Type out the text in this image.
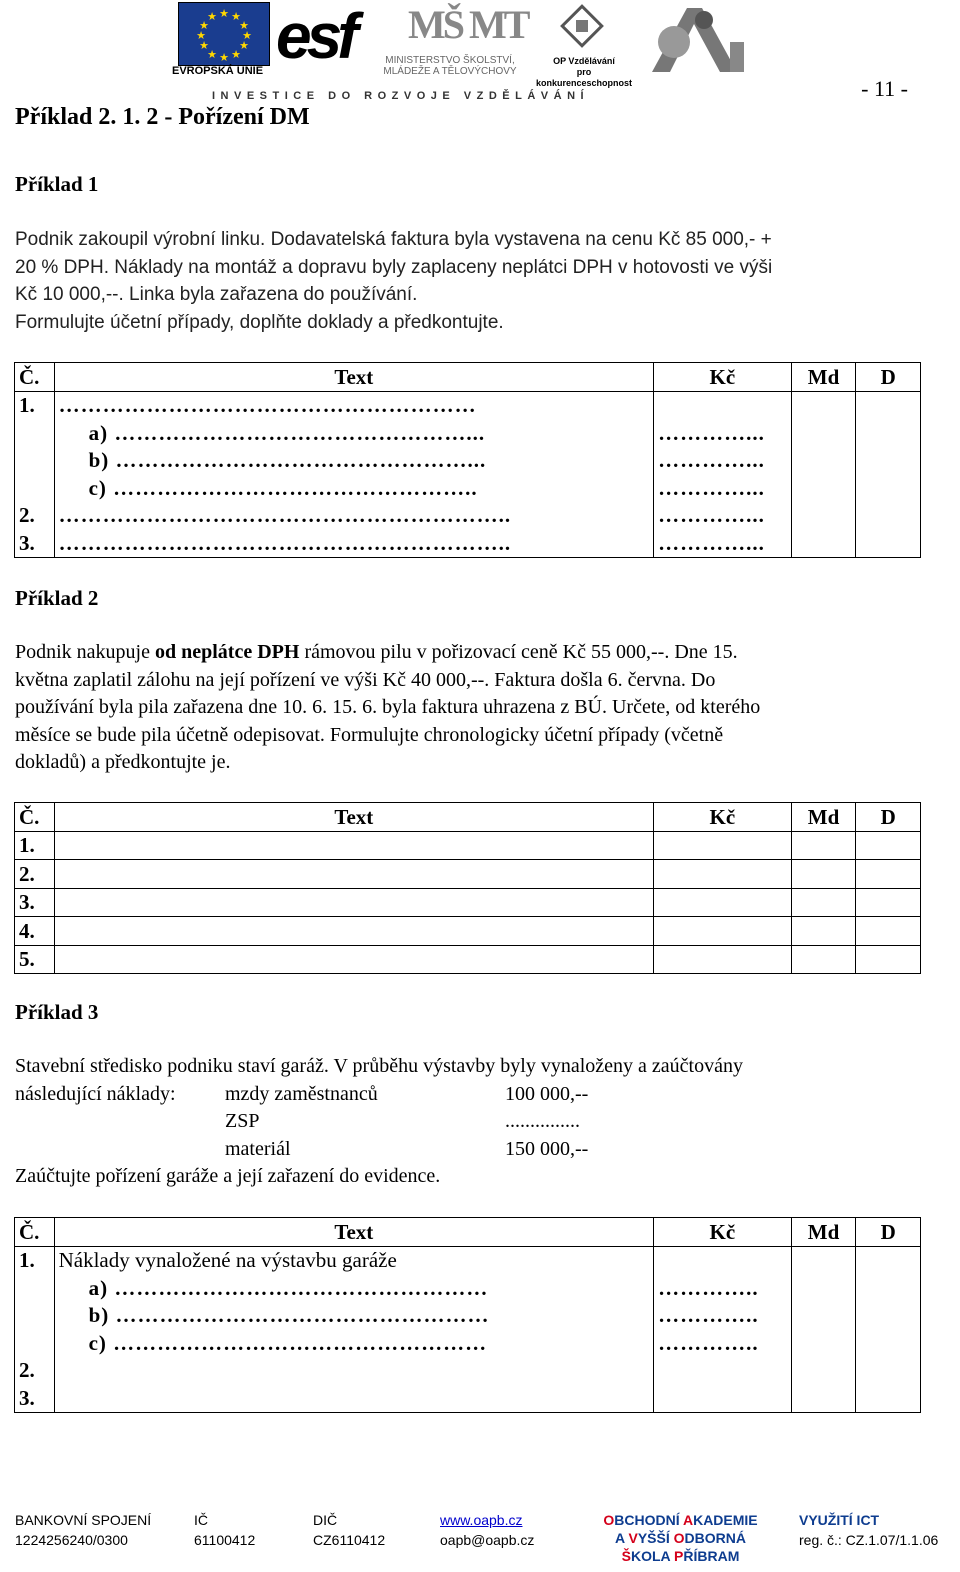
★ ★
★
★
★
★
★
★
★
★
★
★
EVROPSKÁ UNIE esf MŠ MT
MINISTERSTVO ŠKOLSTVÍ, MLÁDEŽE A TĚLOVÝCHOVY
OP Vzdělávání
pro konkurenceschopnost
INVESTICE DO ROZVOJE VZDĚLÁVÁNÍ	- 11 -
Příklad 2. 1. 2 - Pořízení DM
Příklad 1
Podnik zakoupil výrobní linku. Dodavatelská faktura byla vystavena na cenu Kč 85 000,- +
20 % DPH. Náklady na montáž a dopravu byly zaplaceny neplátci DPH v hotovosti ve výši
Kč 10 000,--. Linka byla zařazena do používání.
Formulujte účetní případy, doplňte doklady a předkontujte.
Č.	Text	Kč	Md	D
1.	…………………………………………………			
	a) …………………………………………...	…………...		
	b) …………………………………………...	…………...		
	c) …………………………………………..	…………...		
2.	……………………………………………………..	…………...		
3.	……………………………………………………..	…………...		
Příklad 2
Podnik nakupuje od neplátce DPH rámovou pilu v pořizovací ceně Kč 55 000,--. Dne 15.
května zaplatil zálohu na její pořízení ve výši Kč 40 000,--. Faktura došla 6. června. Do
používání byla pila zařazena dne 10. 6. 15. 6. byla faktura uhrazena z BÚ. Určete, od kterého
měsíce se bude pila účetně odepisovat. Formulujte chronologicky účetní případy (včetně
dokladů) a předkontujte je.
Č.	Text	Kč	Md	D
1.				
2.				
3.				
4.				
5.				
Příklad 3
Stavební středisko podniku staví garáž. V průběhu výstavby byly vynaloženy a zaúčtovány
následující náklady: mzdy zaměstnanců	100 000,--
ZSP	...............
materiál	150 000,--
Zaúčtujte pořízení garáže a její zařazení do evidence.
Č.	Text	Kč	Md	D
1.	Náklady vynaložené na výstavbu garáže			
	a) ……………………………………………	…………..		
	b) ……………………………………………	…………..		
	c) ……………………………………………	…………..		
2.				
3.				
BANKOVNÍ SPOJENÍ
1224256240/0300
IČ
61100412
DIČ
CZ6110412
www.oapb.cz
oapb@oapb.cz
OBCHODNÍ AKADEMIE
A VYŠŠÍ ODBORNÁ
ŠKOLA PŘÍBRAM
VYUŽITÍ ICT
reg. č.: CZ.1.07/1.1.06
